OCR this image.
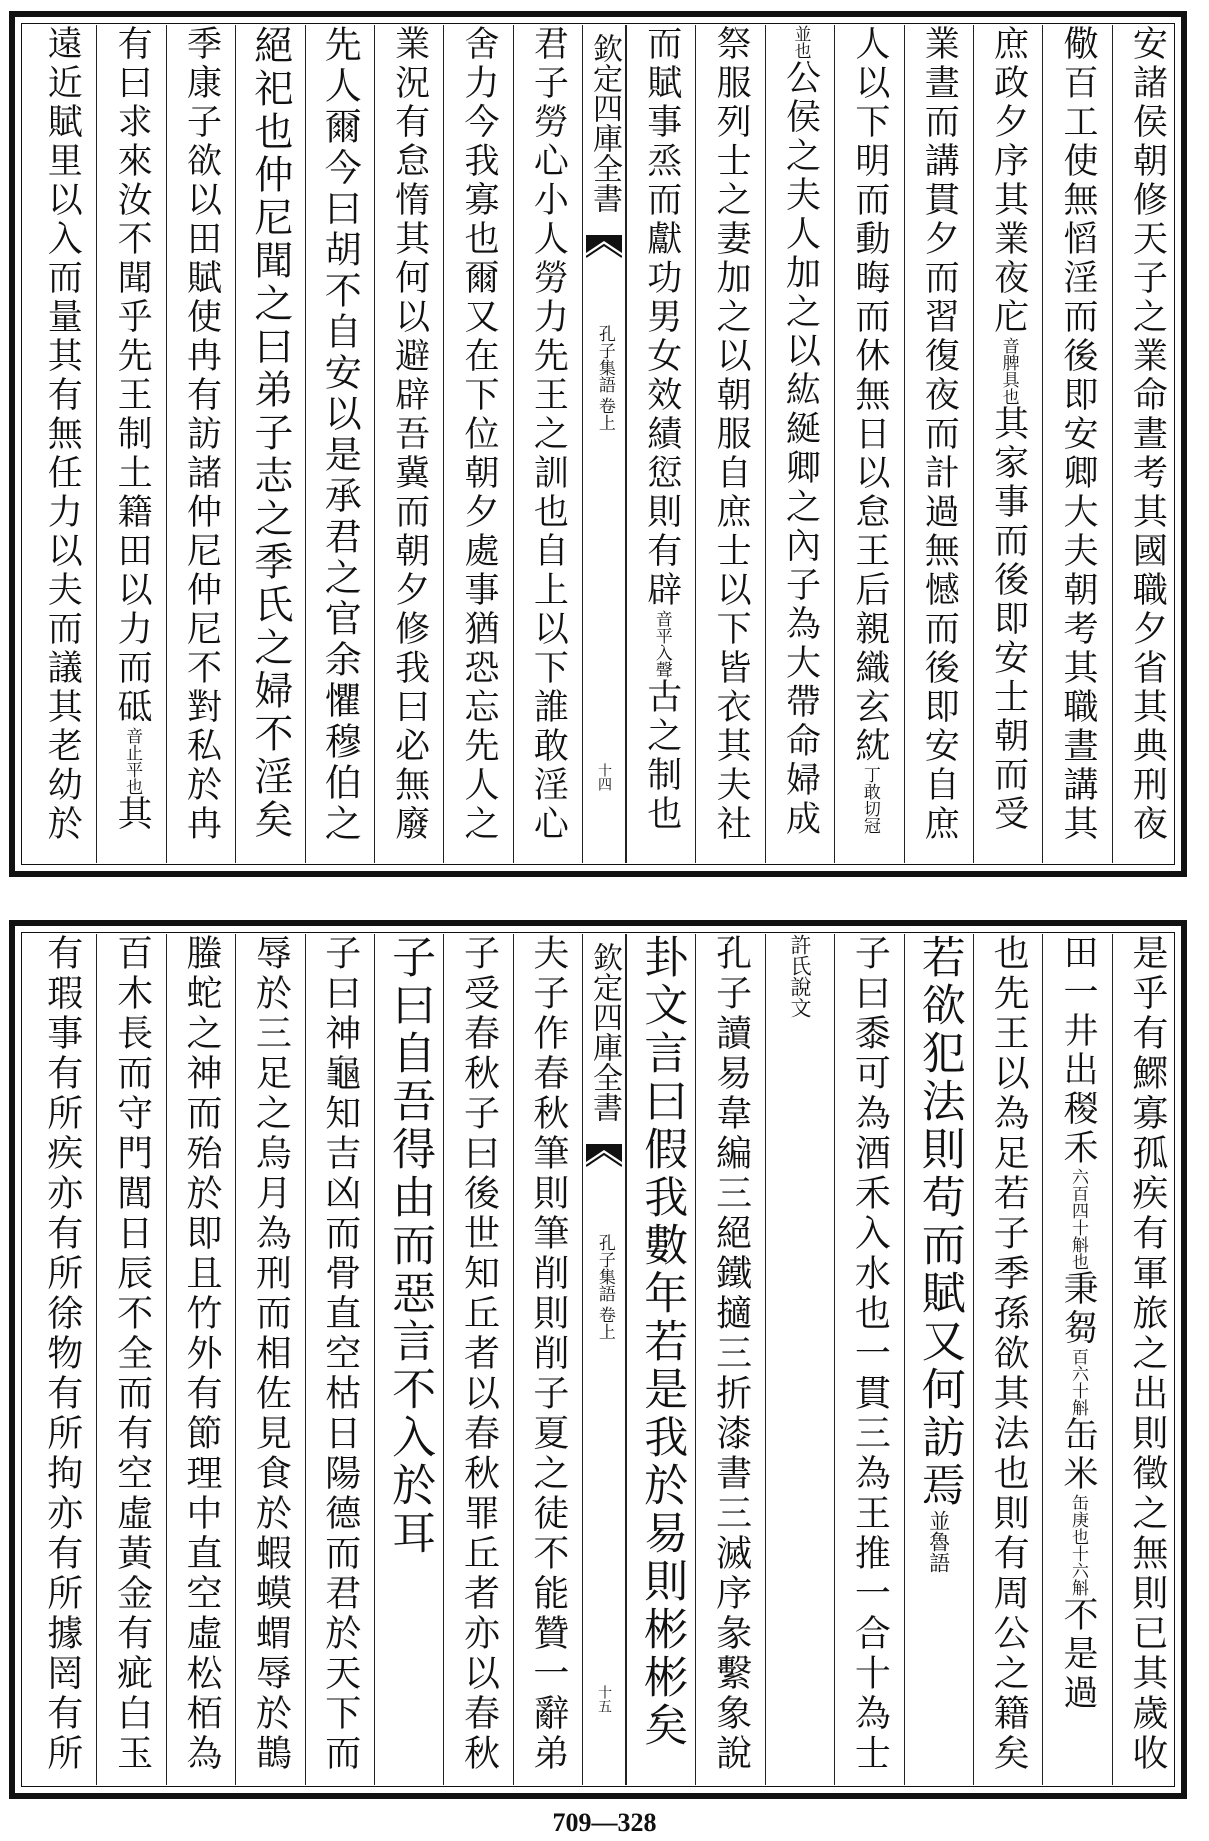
安諸侯朝修天子之業命晝考其國職夕省其典刑夜
儆百工使無慆淫而後即安卿大夫朝考其職晝講其
庶政夕序其業夜庀音脾具也其家事而後即安士朝而受
業晝而講貫夕而習復夜而計過無憾而後即安自庶
人以下明而動晦而休無日以怠王后親織玄紞丁敢切冠
並也公侯之夫人加之以紘綖卿之內子為大帶命婦成
祭服列士之妻加之以朝服自庶士以下皆衣其夫社
而賦事烝而獻功男女效績愆則有辟音平入聲古之制也
欽定四庫全書
孔子集語卷上
十四
君子勞心小人勞力先王之訓也自上以下誰敢淫心
舍力今我寡也爾又在下位朝夕處事猶恐忘先人之
業況有怠惰其何以避辟吾冀而朝夕修我曰必無廢
先人爾今曰胡不自安以是承君之官余懼穆伯之
絕祀也仲尼聞之曰弟子志之季氏之婦不淫矣
季康子欲以田賦使冉有訪諸仲尼仲尼不對私於冉
有曰求來汝不聞乎先王制土籍田以力而砥音止平也其
遠近賦里以入而量其有無任力以夫而議其老幼於
是乎有鰥寡孤疾有軍旅之出則徵之無則已其歲收
田一井出稯禾六百四十斛也秉芻百六十斛缶米缶庚也十六斛不是過
也先王以為足若子季孫欲其法也則有周公之籍矣
若欲犯法則苟而賦又何訪焉並魯語
子曰黍可為酒禾入水也一貫三為王推一合十為士
許氏說文
孔子讀易韋編三絕鐵擿三折漆書三滅序彖繫象說
卦文言曰假我數年若是我於易則彬彬矣
欽定四庫全書
孔子集語卷上
十五
夫子作春秋筆則筆削則削子夏之徒不能贊一辭弟
子受春秋子曰後世知丘者以春秋罪丘者亦以春秋
子曰自吾得由而惡言不入於耳
子曰神龜知吉凶而骨直空枯日陽德而君於天下而
辱於三足之烏月為刑而相佐見食於蝦蟆蝟辱於鵲
螣蛇之神而殆於即且竹外有節理中直空虛松栢為
百木長而守門閭日辰不全而有空虛黃金有疵白玉
有瑕事有所疾亦有所徐物有所拘亦有所據罔有所
709—328
